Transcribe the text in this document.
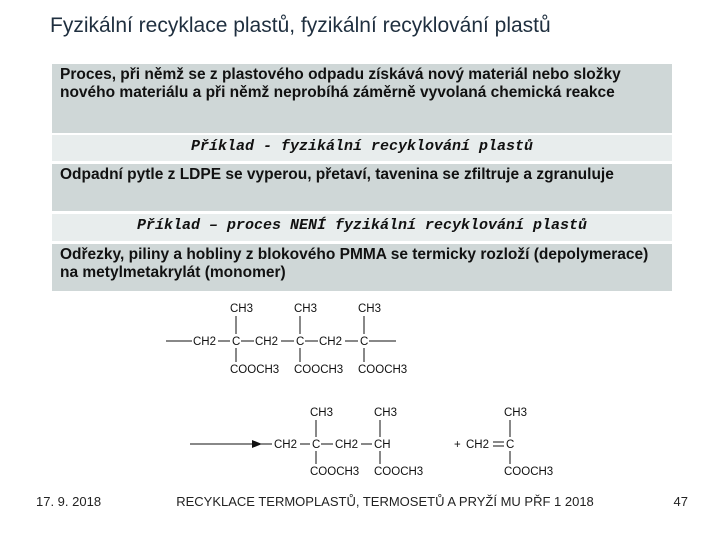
Fyzikální recyklace plastů, fyzikální recyklování plastů
Proces, při němž se z plastového odpadu získává nový materiál nebo složky nového materiálu a při němž neprobíhá záměrně vyvolaná chemická reakce
Příklad - fyzikální recyklování plastů
Odpadní pytle z LDPE se vyperou, přetaví, tavenina se zfiltruje a zgranuluje
Příklad – proces NENÍ fyzikální recyklování plastů
Odřezky, piliny a hobliny z blokového PMMA se termicky rozloží (depolymerace) na metylmetakrylát (monomer)
CH2 C
CH3
COOCH3
CH2 C
CH3
COOCH3
CH2 C
CH3
COOCH3
CH2 C
CH3
COOCH3
CH2 CH
CH3
COOCH3
+ CH2 C
CH3
COOCH3
17. 9. 2018	RECYKLACE TERMOPLASTŮ, TERMOSETŮ A PRYŽÍ MU PŘF 1 2018	47
